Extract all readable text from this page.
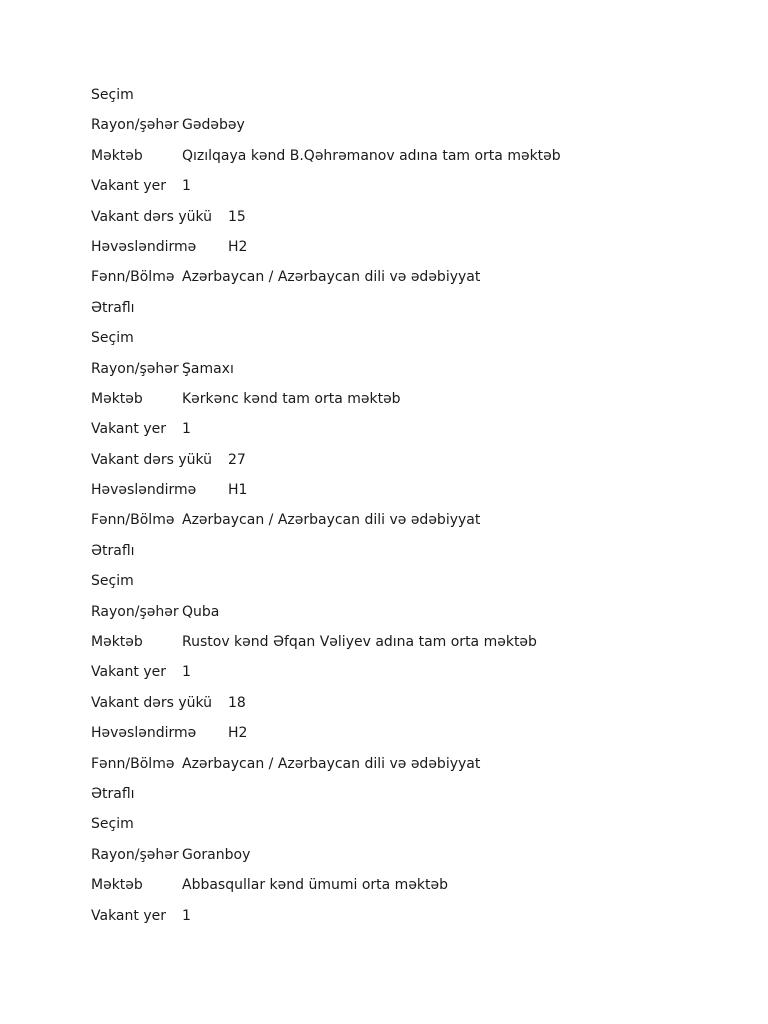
Seçim
Rayon/şəhər Gədəbəy
Məktəb	Qızılqaya kənd B.Qəhrəmanov adına tam orta məktəb
Vakant yer 1
Vakant dərs yükü 15
Həvəsləndirmə H2
Fənn/Bölmə Azərbaycan / Azərbaycan dili və ədəbiyyat
Ətraflı
Seçim
Rayon/şəhər Şamaxı
Məktəb	Kərkənc kənd tam orta məktəb
Vakant yer 1
Vakant dərs yükü 27
Həvəsləndirmə H1
Fənn/Bölmə Azərbaycan / Azərbaycan dili və ədəbiyyat
Ətraflı
Seçim
Rayon/şəhər Quba
Məktəb	Rustov kənd Əfqan Vəliyev adına tam orta məktəb
Vakant yer 1
Vakant dərs yükü 18
Həvəsləndirmə H2
Fənn/Bölmə Azərbaycan / Azərbaycan dili və ədəbiyyat
Ətraflı
Seçim
Rayon/şəhər Goranboy
Məktəb	Abbasqullar kənd ümumi orta məktəb
Vakant yer 1
